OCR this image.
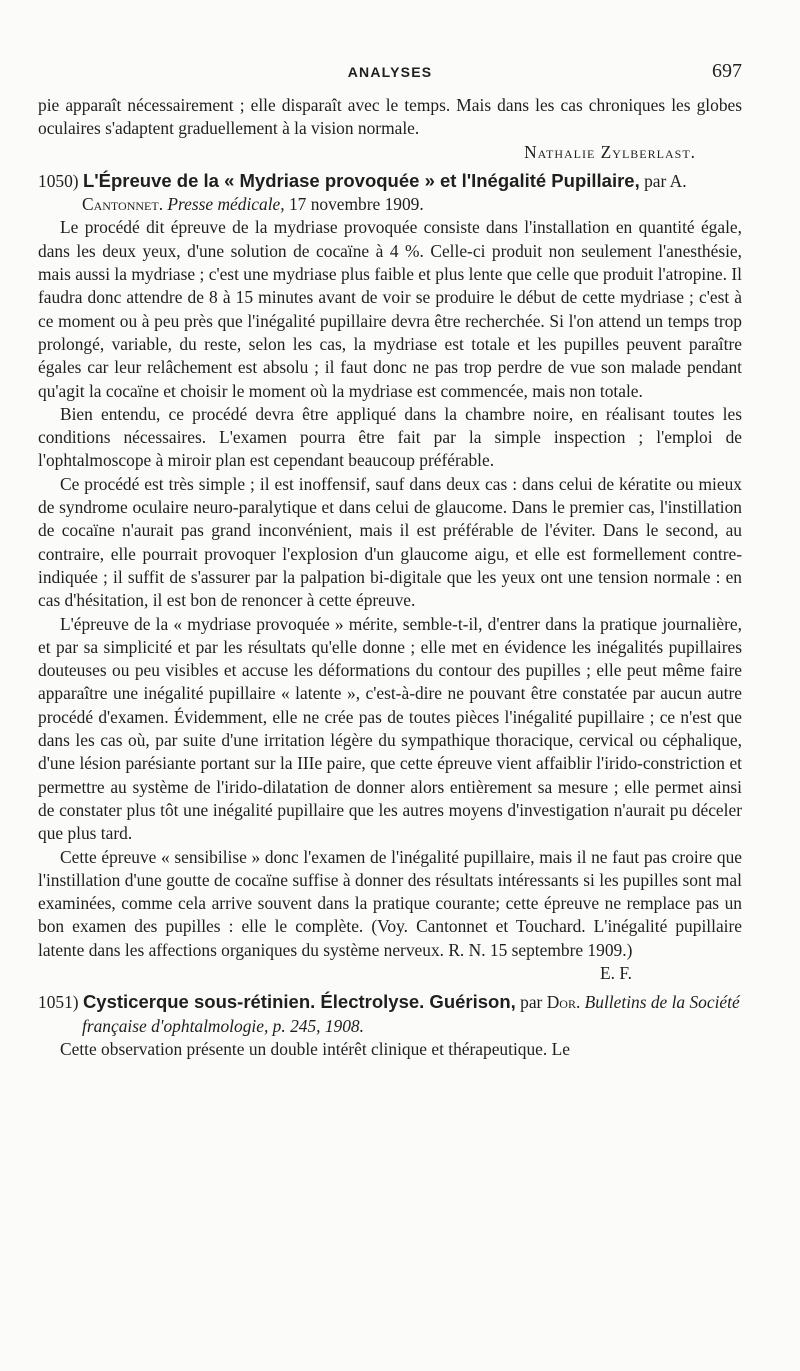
ANALYSES	697

pie apparaît nécessairement ; elle disparaît avec le temps. Mais dans les cas chroniques les globes oculaires s'adaptent graduellement à la vision normale.

Nathalie Zylberlast.
1050) L'Épreuve de la « Mydriase provoquée » et l'Inégalité Pupillaire, par A. Cantonnet. Presse médicale, 17 novembre 1909.

Le procédé dit épreuve de la mydriase provoquée consiste dans l'installation en quantité égale, dans les deux yeux, d'une solution de cocaïne à 4 %. Celle-ci produit non seulement l'anesthésie, mais aussi la mydriase ; c'est une mydriase plus faible et plus lente que celle que produit l'atropine. Il faudra donc attendre de 8 à 15 minutes avant de voir se produire le début de cette mydriase ; c'est à ce moment ou à peu près que l'inégalité pupillaire devra être recherchée. Si l'on attend un temps trop prolongé, variable, du reste, selon les cas, la mydriase est totale et les pupilles peuvent paraître égales car leur relâchement est absolu ; il faut donc ne pas trop perdre de vue son malade pendant qu'agit la cocaïne et choisir le moment où la mydriase est commencée, mais non totale.

Bien entendu, ce procédé devra être appliqué dans la chambre noire, en réalisant toutes les conditions nécessaires. L'examen pourra être fait par la simple inspection ; l'emploi de l'ophtalmoscope à miroir plan est cependant beaucoup préférable.

Ce procédé est très simple ; il est inoffensif, sauf dans deux cas : dans celui de kératite ou mieux de syndrome oculaire neuro-paralytique et dans celui de glaucome. Dans le premier cas, l'instillation de cocaïne n'aurait pas grand inconvénient, mais il est préférable de l'éviter. Dans le second, au contraire, elle pourrait provoquer l'explosion d'un glaucome aigu, et elle est formellement contre-indiquée ; il suffit de s'assurer par la palpation bi-digitale que les yeux ont une tension normale : en cas d'hésitation, il est bon de renoncer à cette épreuve.

L'épreuve de la « mydriase provoquée » mérite, semble-t-il, d'entrer dans la pratique journalière, et par sa simplicité et par les résultats qu'elle donne ; elle met en évidence les inégalités pupillaires douteuses ou peu visibles et accuse les déformations du contour des pupilles ; elle peut même faire apparaître une inégalité pupillaire « latente », c'est-à-dire ne pouvant être constatée par aucun autre procédé d'examen. Évidemment, elle ne crée pas de toutes pièces l'inégalité pupillaire ; ce n'est que dans les cas où, par suite d'une irritation légère du sympathique thoracique, cervical ou céphalique, d'une lésion parésiante portant sur la IIIe paire, que cette épreuve vient affaiblir l'irido-constriction et permettre au système de l'irido-dilatation de donner alors entièrement sa mesure ; elle permet ainsi de constater plus tôt une inégalité pupillaire que les autres moyens d'investigation n'aurait pu déceler que plus tard.

Cette épreuve « sensibilise » donc l'examen de l'inégalité pupillaire, mais il ne faut pas croire que l'instillation d'une goutte de cocaïne suffise à donner des résultats intéressants si les pupilles sont mal examinées, comme cela arrive souvent dans la pratique courante; cette épreuve ne remplace pas un bon examen des pupilles : elle le complète. (Voy. Cantonnet et Touchard. L'inégalité pupillaire latente dans les affections organiques du système nerveux. R. N. 15 septembre 1909.)

E. F.
1051) Cysticerque sous-rétinien. Électrolyse. Guérison, par Dor. Bulletins de la Société française d'ophtalmologie, p. 245, 1908.

Cette observation présente un double intérêt clinique et thérapeutique. Le
